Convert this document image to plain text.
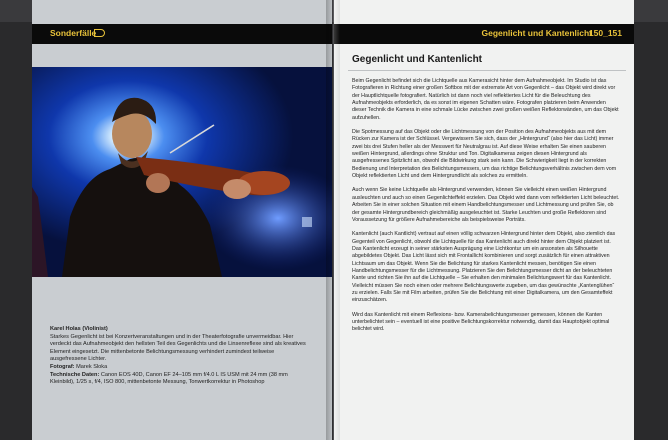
Sonderfälle	Gegenlicht und Kantenlicht
150_151
Karel Holas (Violinist)
Starkes Gegenlicht ist bei Konzertveranstaltungen und in der Theaterfotografie unvermeidbar. Hier verdeckt das Aufnahmeobjekt den hellsten Teil des Gegenlichts und die Linsenreflexe sind als kreatives Element eingesetzt. Die mittenbetonte Belichtungsmessung verhindert zumindest teilweise ausgefressene Lichter.
Fotograf: Marek Sloka
Technische Daten: Canon EOS 40D, Canon EF 24–105 mm f/4.0 L IS USM mit 24 mm (38 mm Kleinbild), 1/25 s, f/4, ISO 800, mittenbetonte Messung, Tonwertkorrektur in Photoshop
Gegenlicht und Kantenlicht

Beim Gegenlicht befindet sich die Lichtquelle aus Kamerasicht hinter dem Aufnahmeobjekt. Im Studio ist das Fotografieren in Richtung einer großen Softbox mit der extremste Art von Gegenlicht – das Objekt wird direkt vor der Hauptlichtquelle fotografiert. Natürlich ist dann noch viel reflektiertes Licht für die Beleuchtung des Aufnahmeobjekts erforderlich, da es sonst im eigenen Schatten wäre. Fotografen platzieren beim Anwenden dieser Technik die Kamera in eine schmale Lücke zwischen zwei großen weißen Reflektorwänden, um das Objekt aufzuhellen.

Die Spotmessung auf das Objekt oder die Lichtmessung von der Position des Aufnahmeobjekts aus mit dem Rücken zur Kamera ist der Schlüssel. Vergewissern Sie sich, dass der „Hintergrund“ (also hier das Licht) immer zwei bis drei Stufen heller als der Messwert für Neutralgrau ist. Auf diese Weise erhalten Sie einen sauberen weißen Hintergrund, allerdings ohne Struktur und Ton. Digitalkameras zeigen diesen Hintergrund als ausgefressenes Spitzlicht an, obwohl die Bildwirkung stark sein kann. Die Schwierigkeit liegt in der korrekten Bedienung und Interpretation des Belichtungsmessers, um das richtige Belichtungsverhältnis zwischen dem vom Objekt reflektierten Licht und dem Hintergrundlicht als solches zu ermitteln.

Auch wenn Sie keine Lichtquelle als Hintergrund verwenden, können Sie vielleicht einen weißen Hintergrund ausleuchten und auch so einen Gegenlichteffekt erzielen. Das Objekt wird dann vom reflektierten Licht beleuchtet. Arbeiten Sie in einer solchen Situation mit einem Handbelichtungsmesser und Lichtmessung und prüfen Sie, ob der gesamte Hintergrundbereich gleichmäßig ausgeleuchtet ist. Starke Leuchten und große Reflektoren sind Voraussetzung für größere Aufnahmebereiche als beispielsweise Porträts.

Kantenlicht (auch Kantlicht) vertraut auf einen völlig schwarzen Hintergrund hinter dem Objekt, also ziemlich das Gegenteil von Gegenlicht, obwohl die Lichtquelle für das Kantenlicht auch direkt hinter dem Objekt platziert ist. Das Kantenlicht erzeugt in seiner stärksten Ausprägung eine Lichtkontur um ein ansonsten als Silhouette abgebildetes Objekt. Das Licht lässt sich mit Frontallicht kombinieren und sorgt zusätzlich für einen attraktiven Lichtsaum um das Objekt. Wenn Sie die Belichtung für starkes Kantenlicht messen, benötigen Sie einen Handbelichtungsmesser für die Lichtmessung. Platzieren Sie den Belichtungsmesser dicht an der beleuchteten Kante und richten Sie ihn auf die Lichtquelle – Sie erhalten den minimalen Belichtungswert für das Kantenlicht. Vielleicht müssen Sie noch einen oder mehrere Belichtungswerte zugeben, um das gewünschte „Kantenglühen“ zu erzielen. Falls Sie mit Film arbeiten, prüfen Sie die Belichtung mit einer Digitalkamera, um den Gesamteffekt einzuschätzen.

Wird das Kantenlicht mit einem Reflexions- bzw. Kamerabelichtungsmesser gemessen, können die Kanten unterbelichtet sein – eventuell ist eine positive Belichtungskorrektur notwendig, damit das Hauptobjekt optimal belichtet wird.
